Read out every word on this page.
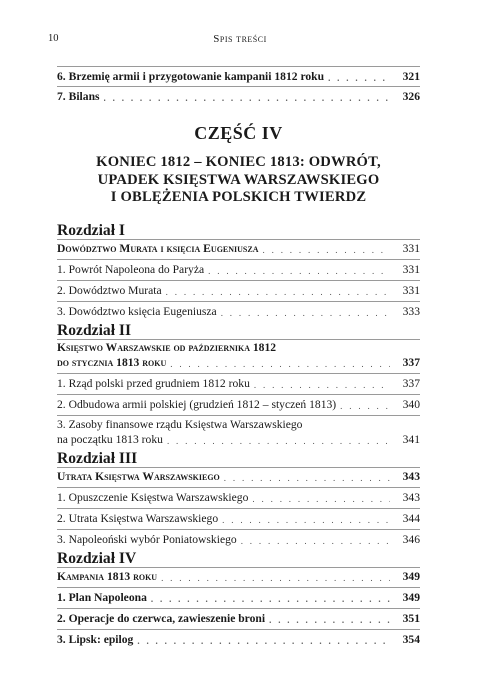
10	Spis treści
6. Brzemię armii i przygotowanie kampanii 1812 roku . . .	321
7. Bilans . . .	326
CZĘŚĆ IV
KONIEC 1812 – KONIEC 1813: ODWRÓT,
UPADEK KSIĘSTWA WARSZAWSKIEGO
I OBLĘŻENIA POLSKICH TWIERDZ
Rozdział I
Dowództwo Murata i księcia Eugeniusza . . .	331
1. Powrót Napoleona do Paryża . . .	331
2. Dowództwo Murata . . .	331
3. Dowództwo księcia Eugeniusza . . .	333
Rozdział II
Księstwo Warszawskie od października 1812
do stycznia 1813 roku . . .	337
1. Rząd polski przed grudniem 1812 roku . . .	337
2. Odbudowa armii polskiej (grudzień 1812 – styczeń 1813) . . .	340
3. Zasoby finansowe rządu Księstwa Warszawskiego
na początku 1813 roku . . .	341
Rozdział III
Utrata Księstwa Warszawskiego . . .	343
1. Opuszczenie Księstwa Warszawskiego . . .	343
2. Utrata Księstwa Warszawskiego . . .	344
3. Napoleoński wybór Poniatowskiego . . .	346
Rozdział IV
Kampania 1813 roku . . .	349
1. Plan Napoleona . . .	349
2. Operacje do czerwca, zawieszenie broni . . .	351
3. Lipsk: epilog . . .	354
